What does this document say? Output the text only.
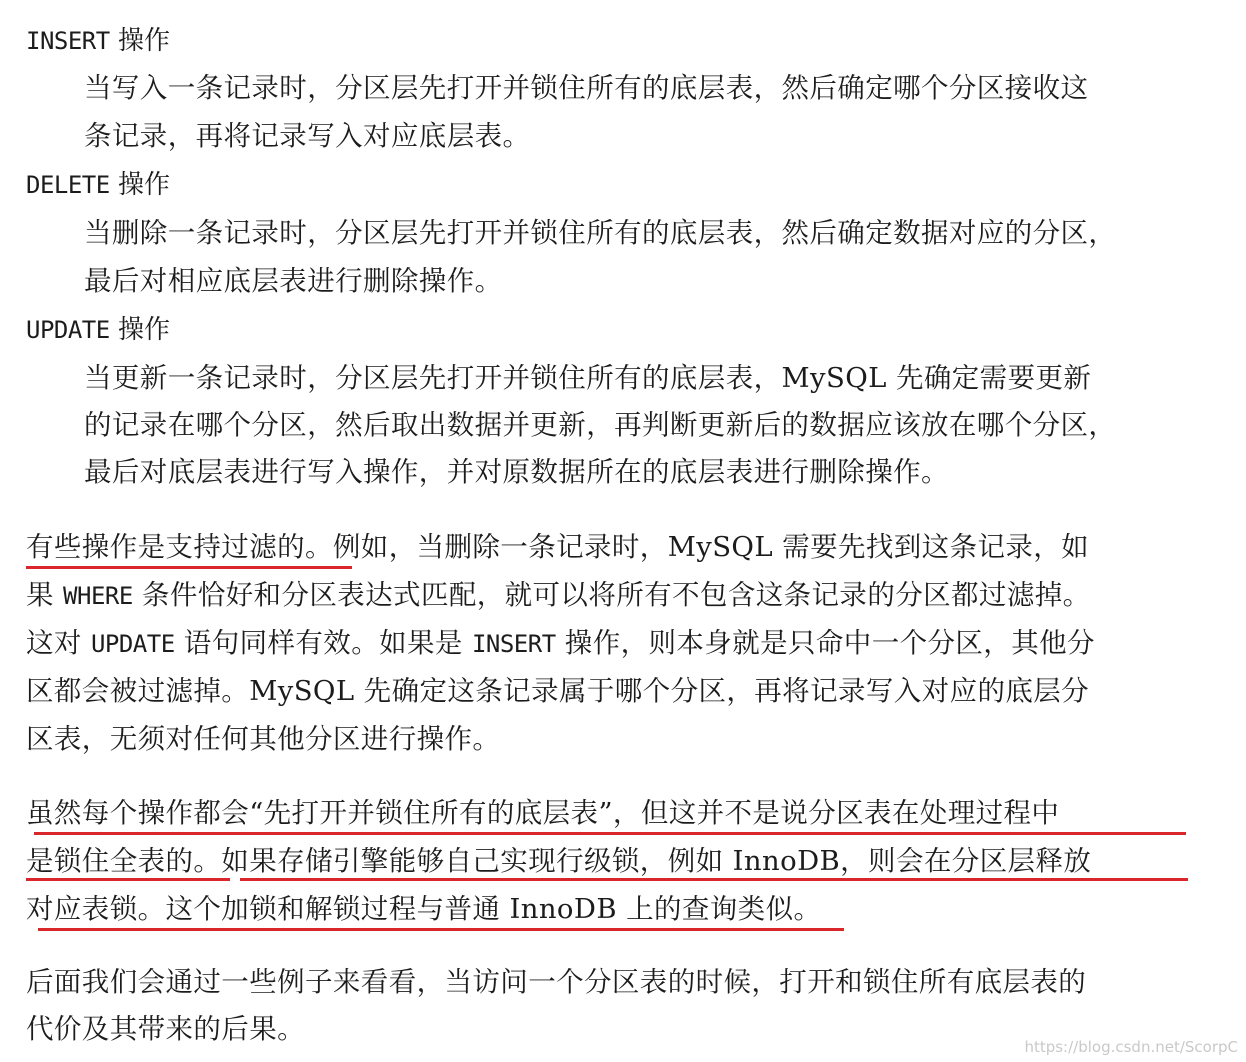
INSERT 操作
当写入一条记录时，分区层先打开并锁住所有的底层表，然后确定哪个分区接收这
条记录，再将记录写入对应底层表。
DELETE 操作
当删除一条记录时，分区层先打开并锁住所有的底层表，然后确定数据对应的分区，
最后对相应底层表进行删除操作。
UPDATE 操作
当更新一条记录时，分区层先打开并锁住所有的底层表，MySQL 先确定需要更新
的记录在哪个分区，然后取出数据并更新，再判断更新后的数据应该放在哪个分区，
最后对底层表进行写入操作，并对原数据所在的底层表进行删除操作。
有些操作是支持过滤的。例如，当删除一条记录时，MySQL 需要先找到这条记录，如
果 WHERE 条件恰好和分区表达式匹配，就可以将所有不包含这条记录的分区都过滤掉。
这对 UPDATE 语句同样有效。如果是 INSERT 操作，则本身就是只命中一个分区，其他分
区都会被过滤掉。MySQL 先确定这条记录属于哪个分区，再将记录写入对应的底层分
区表，无须对任何其他分区进行操作。
虽然每个操作都会“先打开并锁住所有的底层表”，但这并不是说分区表在处理过程中
是锁住全表的。如果存储引擎能够自己实现行级锁，例如 InnoDB，则会在分区层释放
对应表锁。这个加锁和解锁过程与普通 InnoDB 上的查询类似。
后面我们会通过一些例子来看看，当访问一个分区表的时候，打开和锁住所有底层表的
代价及其带来的后果。
https://blog.csdn.net/ScorpC
